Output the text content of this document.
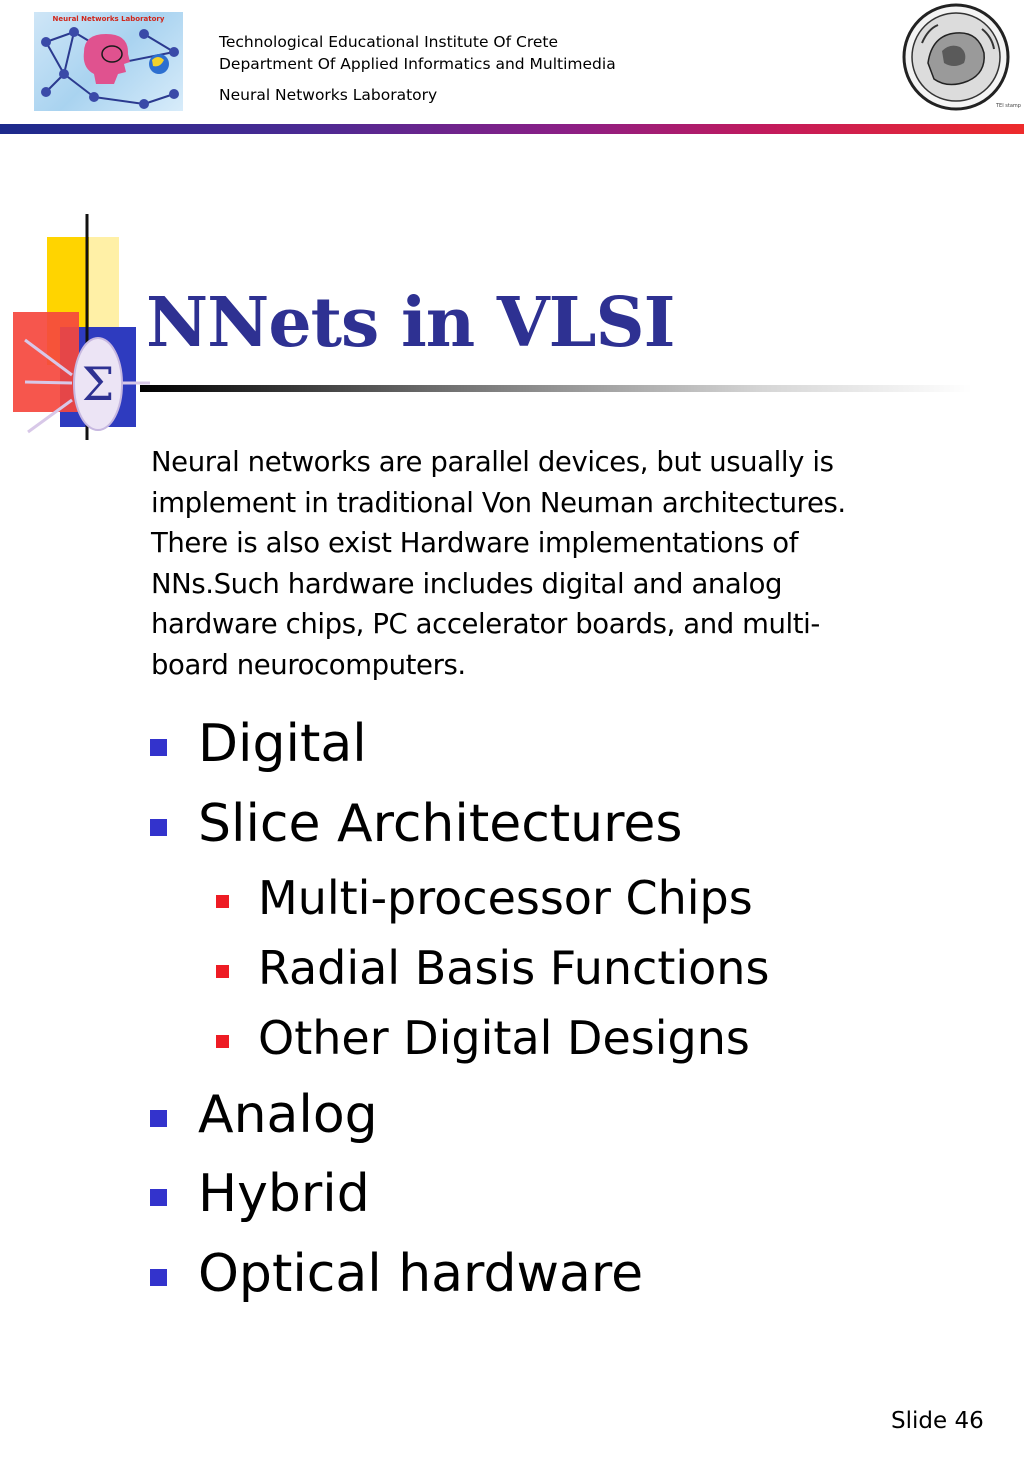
Neural Networks Laboratory
Technological Educational Institute Of Crete
Department Of Applied Informatics and Multimedia

Neural Networks Laboratory
TEI stamp
Σ
NNets in VLSI

Neural networks are parallel devices, but usually is
implement in traditional Von Neuman architectures.
There is also exist Hardware implementations of
NNs.Such hardware includes digital and analog
hardware chips, PC accelerator boards, and multi-
board neurocomputers.

Digital
Slice Architectures
Multi-processor Chips
Radial Basis Functions
Other Digital Designs
Analog
Hybrid
Optical hardware
Slide 46
